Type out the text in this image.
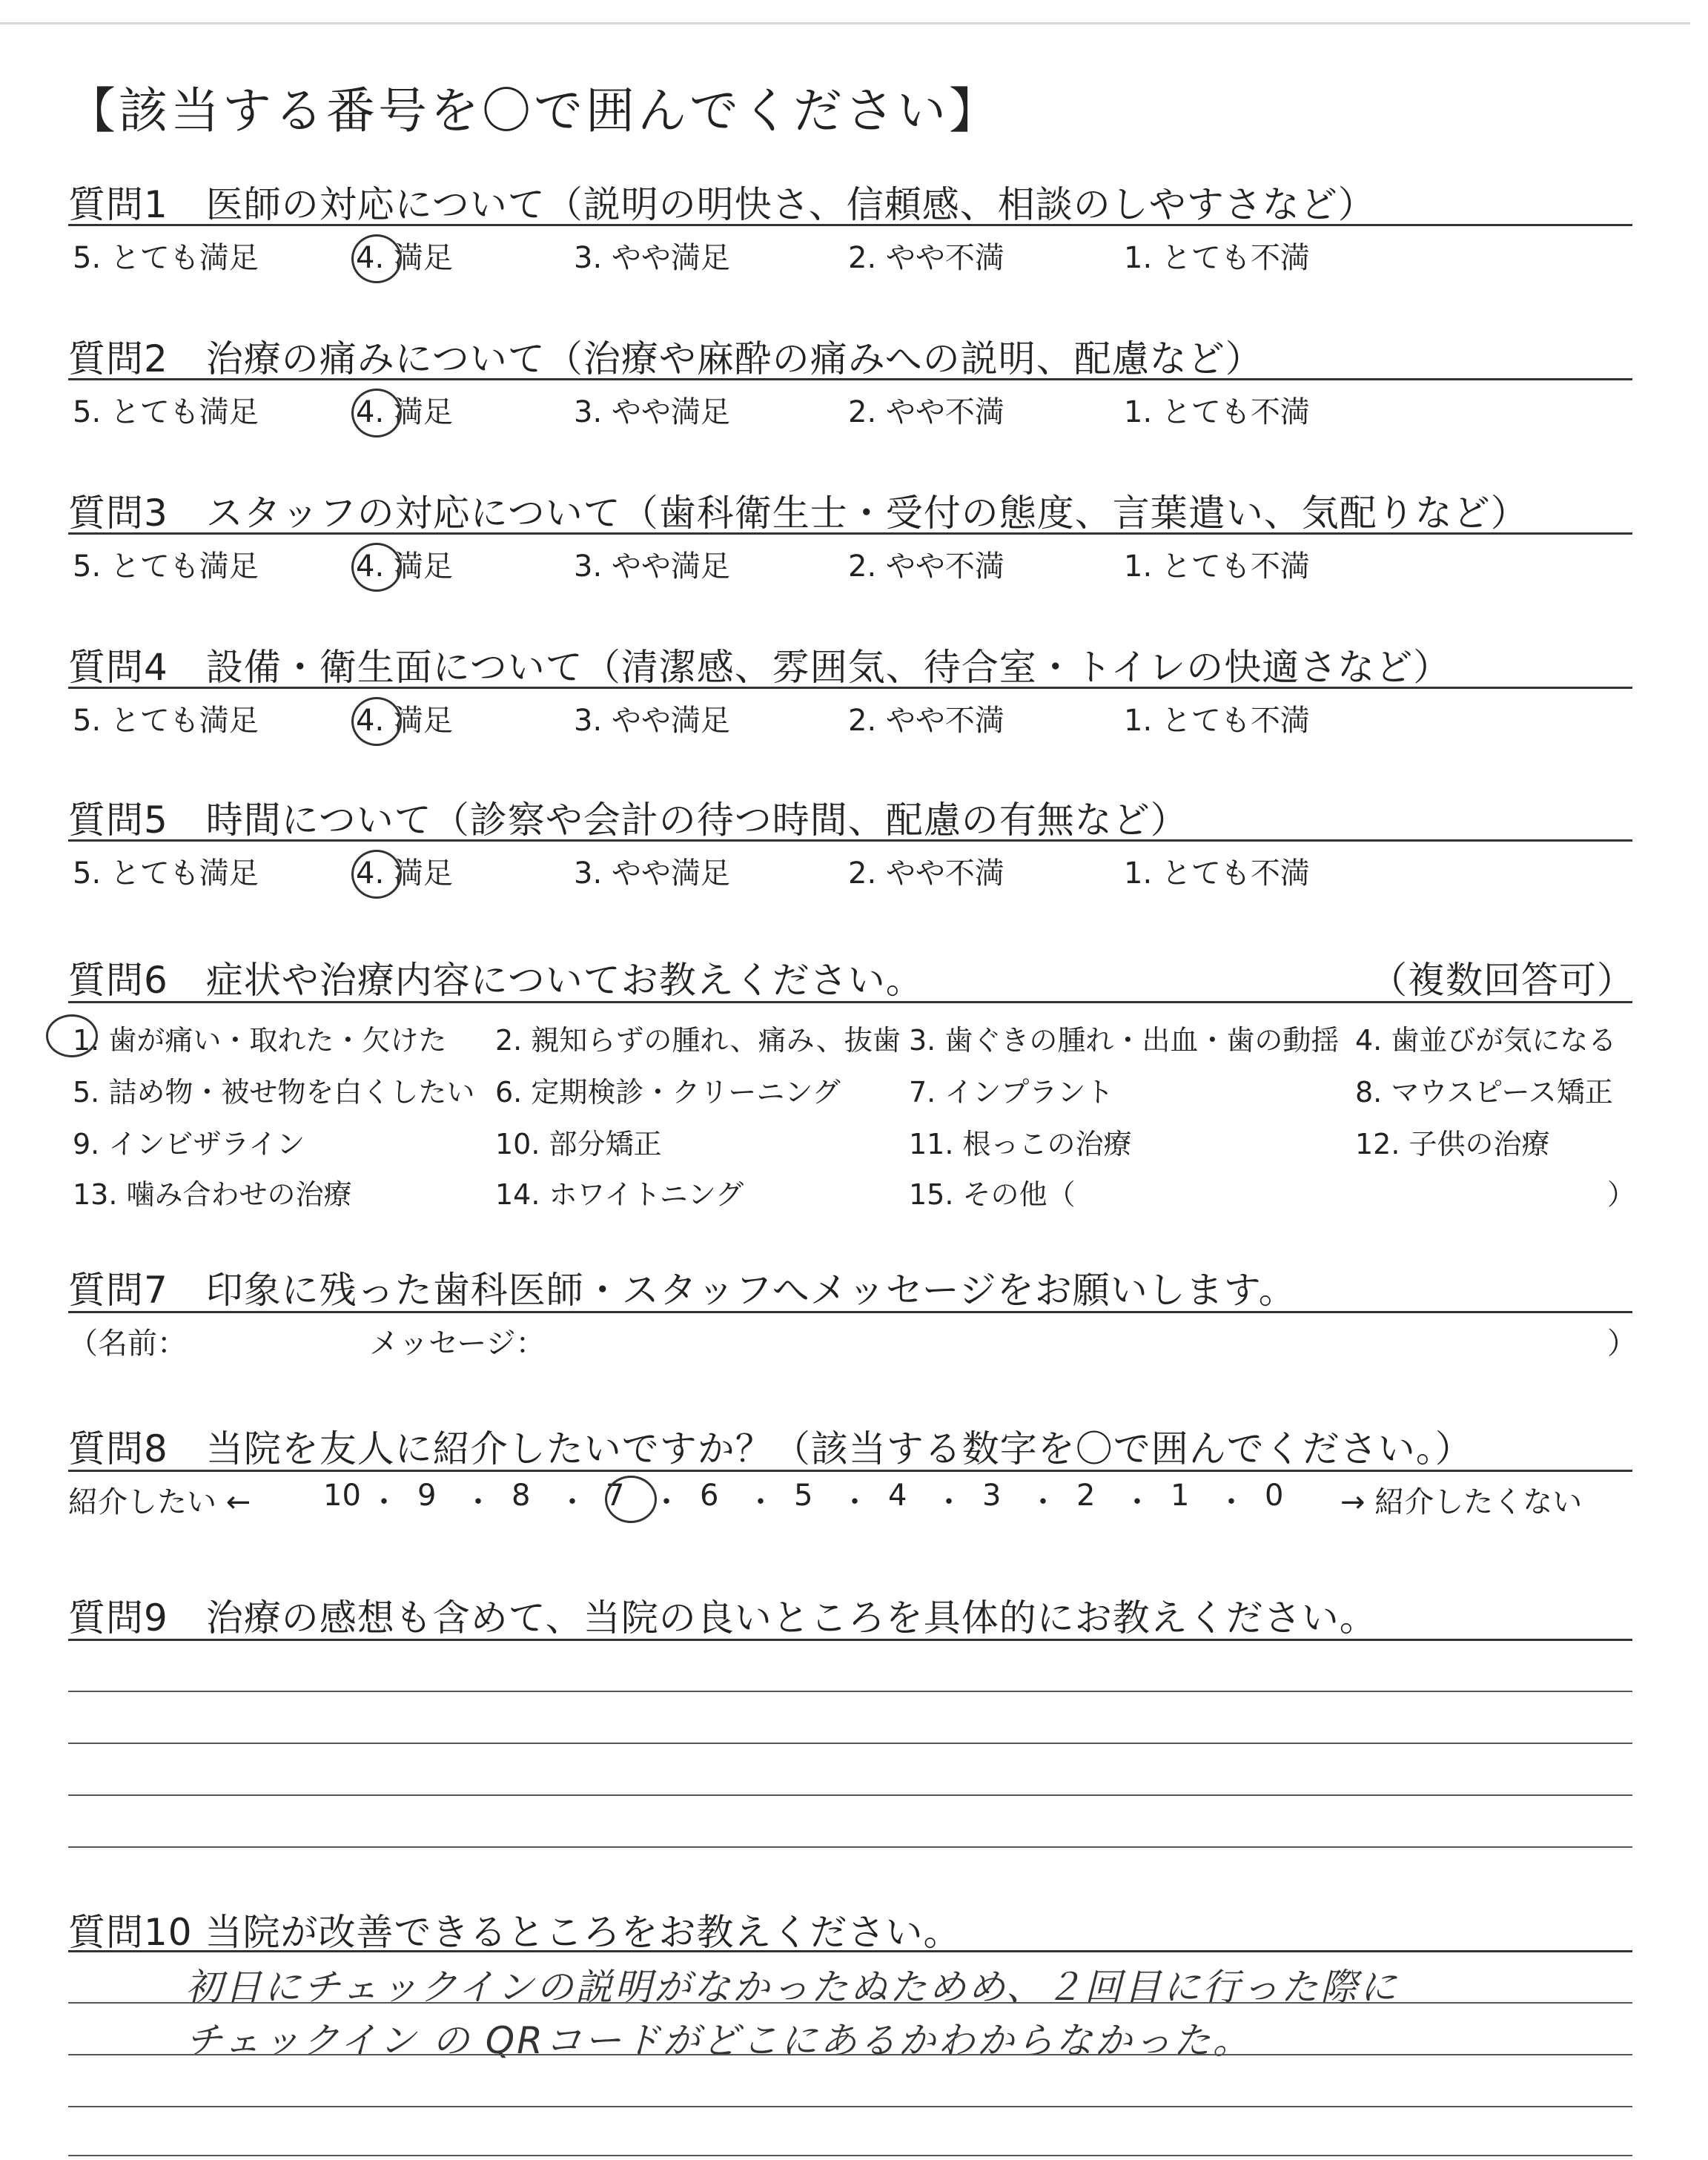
【該当する番号を〇で囲んでください】
質問1　医師の対応について（説明の明快さ、信頼感、相談のしやすさなど）
5. とても満足	4. 満足	3. やや満足	2. やや不満	1. とても不満
質問2　治療の痛みについて（治療や麻酔の痛みへの説明、配慮など）
5. とても満足	4. 満足	3. やや満足	2. やや不満	1. とても不満
質問3　スタッフの対応について（歯科衛生士・受付の態度、言葉遣い、気配りなど）
5. とても満足	4. 満足	3. やや満足	2. やや不満	1. とても不満
質問4　設備・衛生面について（清潔感、雰囲気、待合室・トイレの快適さなど）
5. とても満足	4. 満足	3. やや満足	2. やや不満	1. とても不満
質問5　時間について（診察や会計の待つ時間、配慮の有無など）
5. とても満足	4. 満足	3. やや満足	2. やや不満	1. とても不満
質問6　症状や治療内容についてお教えください。	（複数回答可）
1. 歯が痛い・取れた・欠けた 2. 親知らずの腫れ、痛み、抜歯 3. 歯ぐきの腫れ・出血・歯の動揺 4. 歯並びが気になる
5. 詰め物・被せ物を白くしたい 6. 定期検診・クリーニング 7. インプラント	8. マウスピース矯正
9. インビザライン	10. 部分矯正	11. 根っこの治療	12. 子供の治療
13. 噛み合わせの治療	14. ホワイトニング	15. その他（	）
質問7　印象に残った歯科医師・スタッフへメッセージをお願いします。
（名前：	メッセージ：	）
質問8　当院を友人に紹介したいですか？（該当する数字を〇で囲んでください。）
紹介したい ← 10 ・ 9 ・ 8 ・ 7 ・ 6 ・ 5 ・ 4 ・ 3 ・ 2 ・ 1 ・ 0 → 紹介したくない
質問9　治療の感想も含めて、当院の良いところを具体的にお教えください。
質問10 当院が改善できるところをお教えください。
初日にチェックインの説明がなかったぬためめ、２回目に行った際に
チェックイン の QRコードがどこにあるかわからなかった。
